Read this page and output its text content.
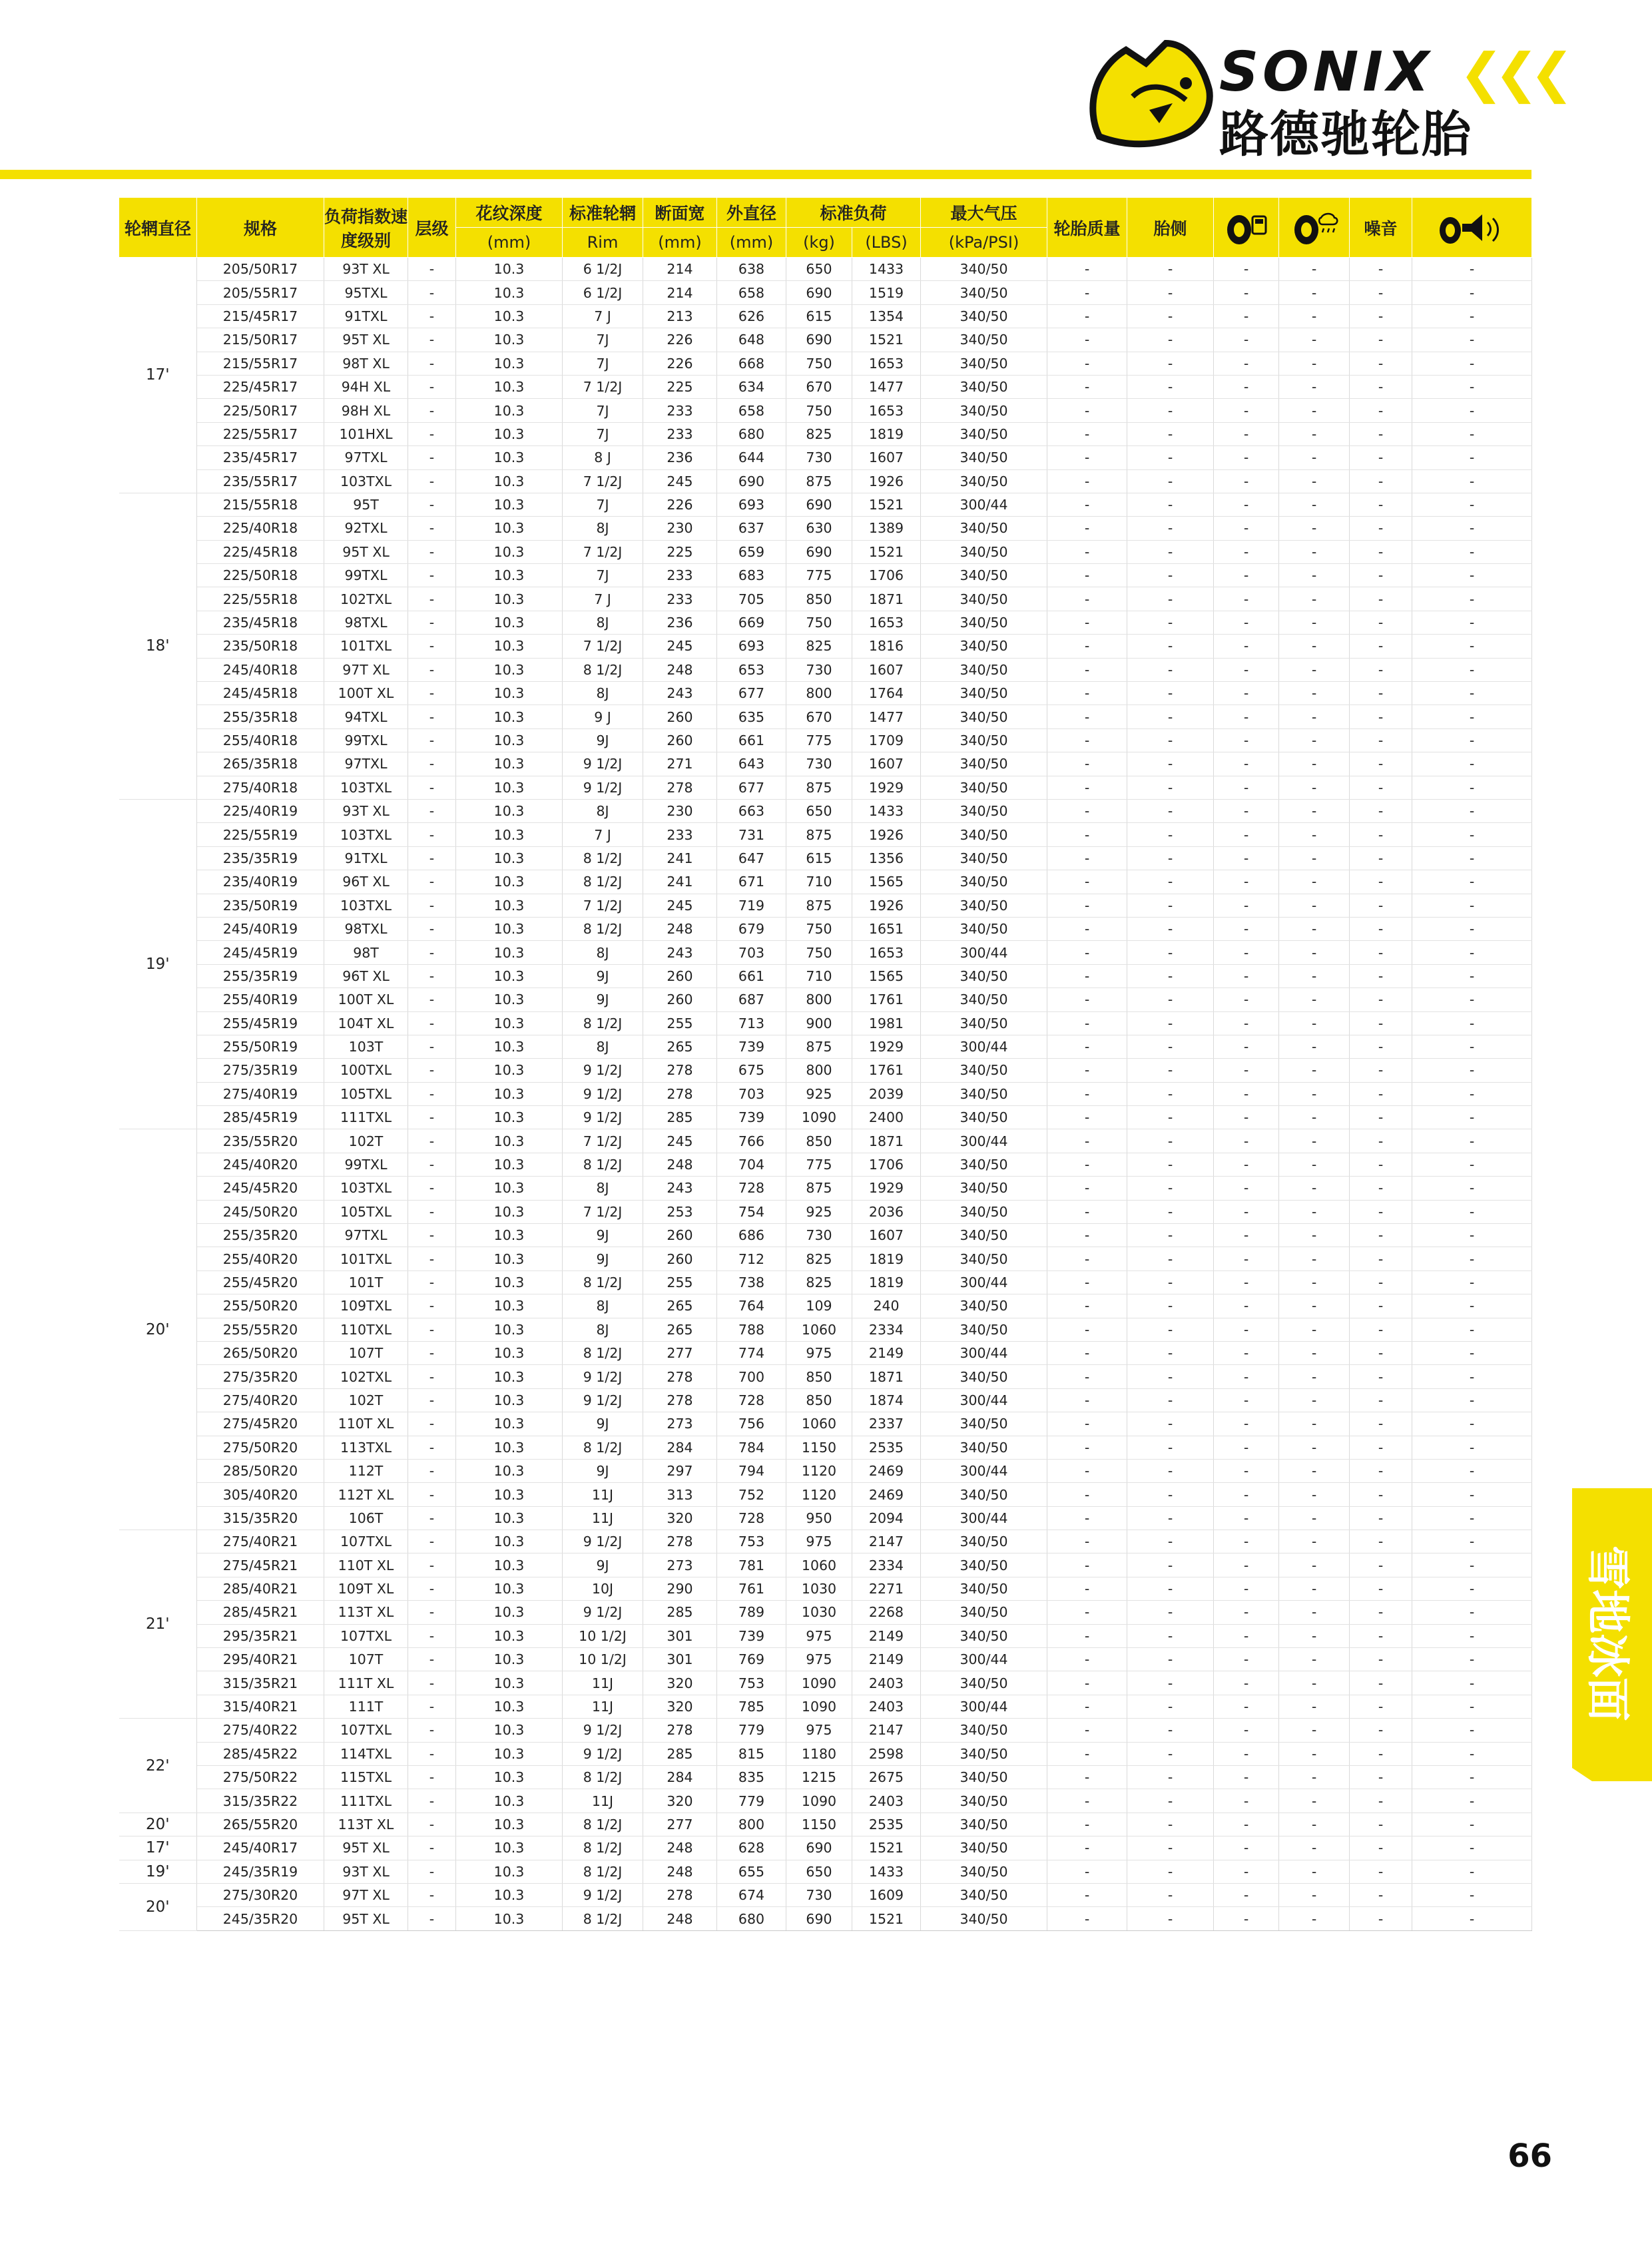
SONIX ❮❮❮
路德驰轮胎
轮辋直径	规格	负荷指数速度级别	层级	花纹深度	标准轮辋	断面宽	外直径	标准负荷		最大气压	轮胎质量	胎侧			噪音	
				(mm)	Rim	(mm)	(mm)	(kg)	(LBS)	(kPa/PSI)						
17'	205/50R17	93T XL	-	10.3	6 1/2J	214	638	650	1433	340/50	-	-	-	-	-	-
	205/55R17	95TXL	-	10.3	6 1/2J	214	658	690	1519	340/50	-	-	-	-	-	-
	215/45R17	91TXL	-	10.3	7 J	213	626	615	1354	340/50	-	-	-	-	-	-
	215/50R17	95T XL	-	10.3	7J	226	648	690	1521	340/50	-	-	-	-	-	-
	215/55R17	98T XL	-	10.3	7J	226	668	750	1653	340/50	-	-	-	-	-	-
	225/45R17	94H XL	-	10.3	7 1/2J	225	634	670	1477	340/50	-	-	-	-	-	-
	225/50R17	98H XL	-	10.3	7J	233	658	750	1653	340/50	-	-	-	-	-	-
	225/55R17	101HXL	-	10.3	7J	233	680	825	1819	340/50	-	-	-	-	-	-
	235/45R17	97TXL	-	10.3	8 J	236	644	730	1607	340/50	-	-	-	-	-	-
	235/55R17	103TXL	-	10.3	7 1/2J	245	690	875	1926	340/50	-	-	-	-	-	-
18'	215/55R18	95T	-	10.3	7J	226	693	690	1521	300/44	-	-	-	-	-	-
	225/40R18	92TXL	-	10.3	8J	230	637	630	1389	340/50	-	-	-	-	-	-
	225/45R18	95T XL	-	10.3	7 1/2J	225	659	690	1521	340/50	-	-	-	-	-	-
	225/50R18	99TXL	-	10.3	7J	233	683	775	1706	340/50	-	-	-	-	-	-
	225/55R18	102TXL	-	10.3	7 J	233	705	850	1871	340/50	-	-	-	-	-	-
	235/45R18	98TXL	-	10.3	8J	236	669	750	1653	340/50	-	-	-	-	-	-
	235/50R18	101TXL	-	10.3	7 1/2J	245	693	825	1816	340/50	-	-	-	-	-	-
	245/40R18	97T XL	-	10.3	8 1/2J	248	653	730	1607	340/50	-	-	-	-	-	-
	245/45R18	100T XL	-	10.3	8J	243	677	800	1764	340/50	-	-	-	-	-	-
	255/35R18	94TXL	-	10.3	9 J	260	635	670	1477	340/50	-	-	-	-	-	-
	255/40R18	99TXL	-	10.3	9J	260	661	775	1709	340/50	-	-	-	-	-	-
	265/35R18	97TXL	-	10.3	9 1/2J	271	643	730	1607	340/50	-	-	-	-	-	-
	275/40R18	103TXL	-	10.3	9 1/2J	278	677	875	1929	340/50	-	-	-	-	-	-
19'	225/40R19	93T XL	-	10.3	8J	230	663	650	1433	340/50	-	-	-	-	-	-
	225/55R19	103TXL	-	10.3	7 J	233	731	875	1926	340/50	-	-	-	-	-	-
	235/35R19	91TXL	-	10.3	8 1/2J	241	647	615	1356	340/50	-	-	-	-	-	-
	235/40R19	96T XL	-	10.3	8 1/2J	241	671	710	1565	340/50	-	-	-	-	-	-
	235/50R19	103TXL	-	10.3	7 1/2J	245	719	875	1926	340/50	-	-	-	-	-	-
	245/40R19	98TXL	-	10.3	8 1/2J	248	679	750	1651	340/50	-	-	-	-	-	-
	245/45R19	98T	-	10.3	8J	243	703	750	1653	300/44	-	-	-	-	-	-
	255/35R19	96T XL	-	10.3	9J	260	661	710	1565	340/50	-	-	-	-	-	-
	255/40R19	100T XL	-	10.3	9J	260	687	800	1761	340/50	-	-	-	-	-	-
	255/45R19	104T XL	-	10.3	8 1/2J	255	713	900	1981	340/50	-	-	-	-	-	-
	255/50R19	103T	-	10.3	8J	265	739	875	1929	300/44	-	-	-	-	-	-
	275/35R19	100TXL	-	10.3	9 1/2J	278	675	800	1761	340/50	-	-	-	-	-	-
	275/40R19	105TXL	-	10.3	9 1/2J	278	703	925	2039	340/50	-	-	-	-	-	-
	285/45R19	111TXL	-	10.3	9 1/2J	285	739	1090	2400	340/50	-	-	-	-	-	-
20'	235/55R20	102T	-	10.3	7 1/2J	245	766	850	1871	300/44	-	-	-	-	-	-
	245/40R20	99TXL	-	10.3	8 1/2J	248	704	775	1706	340/50	-	-	-	-	-	-
	245/45R20	103TXL	-	10.3	8J	243	728	875	1929	340/50	-	-	-	-	-	-
	245/50R20	105TXL	-	10.3	7 1/2J	253	754	925	2036	340/50	-	-	-	-	-	-
	255/35R20	97TXL	-	10.3	9J	260	686	730	1607	340/50	-	-	-	-	-	-
	255/40R20	101TXL	-	10.3	9J	260	712	825	1819	340/50	-	-	-	-	-	-
	255/45R20	101T	-	10.3	8 1/2J	255	738	825	1819	300/44	-	-	-	-	-	-
	255/50R20	109TXL	-	10.3	8J	265	764	109	240	340/50	-	-	-	-	-	-
	255/55R20	110TXL	-	10.3	8J	265	788	1060	2334	340/50	-	-	-	-	-	-
	265/50R20	107T	-	10.3	8 1/2J	277	774	975	2149	300/44	-	-	-	-	-	-
	275/35R20	102TXL	-	10.3	9 1/2J	278	700	850	1871	340/50	-	-	-	-	-	-
	275/40R20	102T	-	10.3	9 1/2J	278	728	850	1874	300/44	-	-	-	-	-	-
	275/45R20	110T XL	-	10.3	9J	273	756	1060	2337	340/50	-	-	-	-	-	-
	275/50R20	113TXL	-	10.3	8 1/2J	284	784	1150	2535	340/50	-	-	-	-	-	-
	285/50R20	112T	-	10.3	9J	297	794	1120	2469	300/44	-	-	-	-	-	-
	305/40R20	112T XL	-	10.3	11J	313	752	1120	2469	340/50	-	-	-	-	-	-
	315/35R20	106T	-	10.3	11J	320	728	950	2094	300/44	-	-	-	-	-	-
21'	275/40R21	107TXL	-	10.3	9 1/2J	278	753	975	2147	340/50	-	-	-	-	-	-
	275/45R21	110T XL	-	10.3	9J	273	781	1060	2334	340/50	-	-	-	-	-	-
	285/40R21	109T XL	-	10.3	10J	290	761	1030	2271	340/50	-	-	-	-	-	-
	285/45R21	113T XL	-	10.3	9 1/2J	285	789	1030	2268	340/50	-	-	-	-	-	-
	295/35R21	107TXL	-	10.3	10 1/2J	301	739	975	2149	340/50	-	-	-	-	-	-
	295/40R21	107T	-	10.3	10 1/2J	301	769	975	2149	300/44	-	-	-	-	-	-
	315/35R21	111T XL	-	10.3	11J	320	753	1090	2403	340/50	-	-	-	-	-	-
	315/40R21	111T	-	10.3	11J	320	785	1090	2403	300/44	-	-	-	-	-	-
22'	275/40R22	107TXL	-	10.3	9 1/2J	278	779	975	2147	340/50	-	-	-	-	-	-
	285/45R22	114TXL	-	10.3	9 1/2J	285	815	1180	2598	340/50	-	-	-	-	-	-
	275/50R22	115TXL	-	10.3	8 1/2J	284	835	1215	2675	340/50	-	-	-	-	-	-
	315/35R22	111TXL	-	10.3	11J	320	779	1090	2403	340/50	-	-	-	-	-	-
20'	265/55R20	113T XL	-	10.3	8 1/2J	277	800	1150	2535	340/50	-	-	-	-	-	-
17'	245/40R17	95T XL	-	10.3	8 1/2J	248	628	690	1521	340/50	-	-	-	-	-	-
19'	245/35R19	93T XL	-	10.3	8 1/2J	248	655	650	1433	340/50	-	-	-	-	-	-
20'	275/30R20	97T XL	-	10.3	9 1/2J	278	674	730	1609	340/50	-	-	-	-	-	-
	245/35R20	95T XL	-	10.3	8 1/2J	248	680	690	1521	340/50	-	-	-	-	-	-
雪地冰面
66
